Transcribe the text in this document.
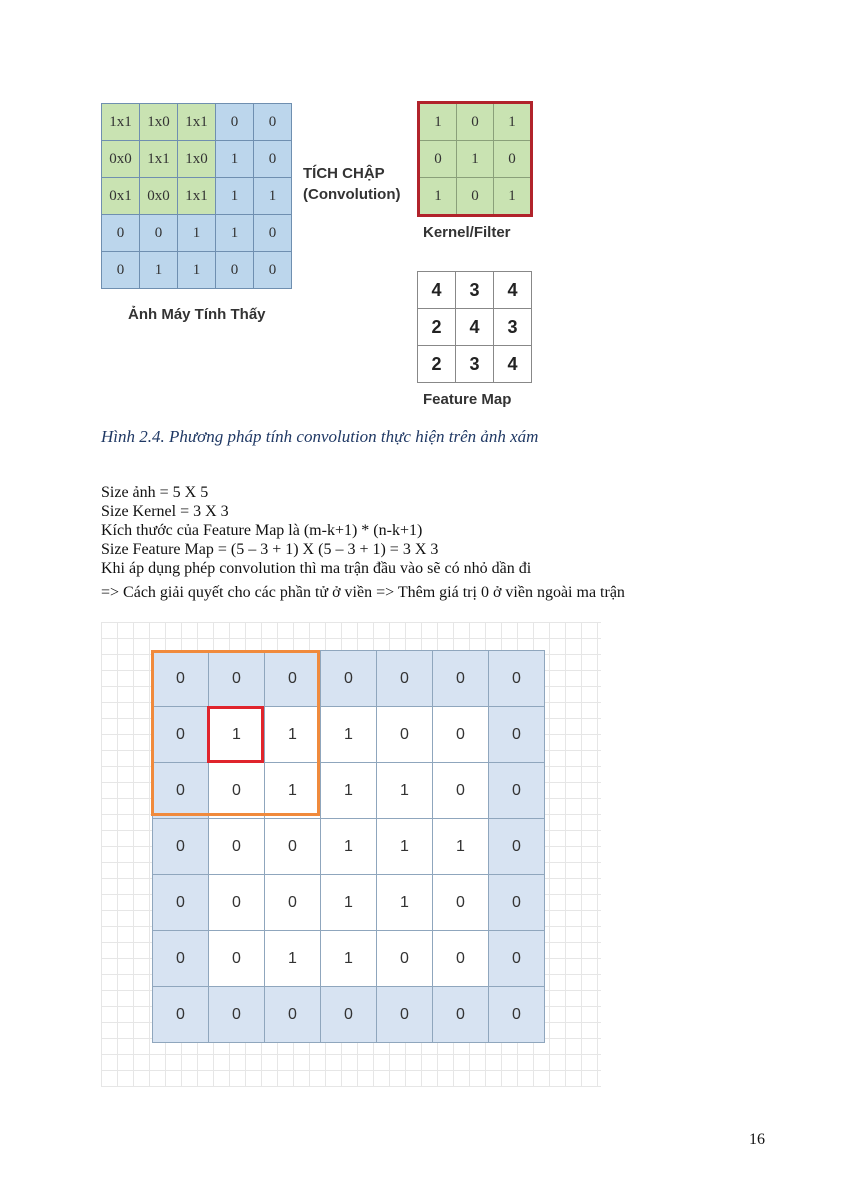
1x1	1x0	1x1	0	0
0x0	1x1	1x0	1	0
0x1	0x0	1x1	1	1
0	0	1	1	0
0	1	1	0	0
Ảnh Máy Tính Thấy
TÍCH CHẬP
(Convolution)
1	0	1
0	1	0
1	0	1
Kernel/Filter
4	3	4
2	4	3
2	3	4
Feature Map
Hình 2.4. Phương pháp tính convolution thực hiện trên ảnh xám
Size ảnh = 5 X 5
Size Kernel = 3 X 3
Kích thước của Feature Map là (m-k+1) * (n-k+1)
Size Feature Map = (5 – 3 + 1) X (5 – 3 + 1) = 3 X 3
Khi áp dụng phép convolution thì ma trận đầu vào sẽ có nhỏ dần đi
=> Cách giải quyết cho các phần tử ở viền => Thêm giá trị 0 ở viền ngoài ma trận
0	0	0	0	0	0	0
0	1	1	1	0	0	0
0	0	1	1	1	0	0
0	0	0	1	1	1	0
0	0	0	1	1	0	0
0	0	1	1	0	0	0
0	0	0	0	0	0	0
16
